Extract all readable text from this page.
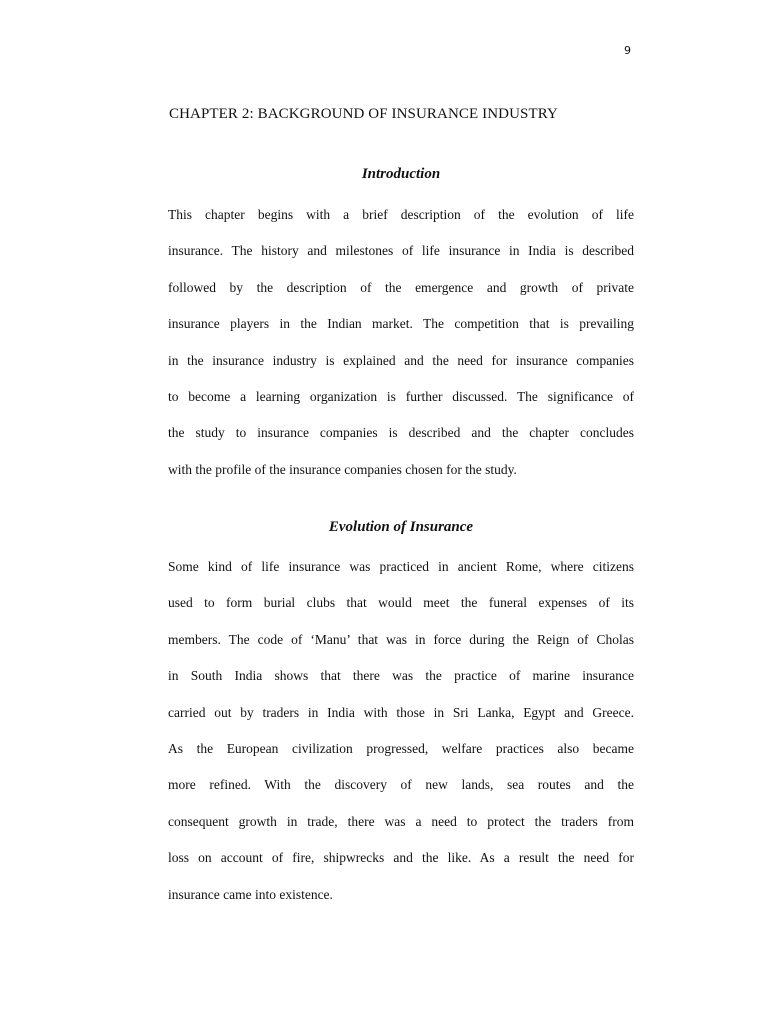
9
CHAPTER 2: BACKGROUND OF INSURANCE INDUSTRY
Introduction
This chapter begins with a brief description of the evolution of life
insurance. The history and milestones of life insurance in India is described
followed by the description of the emergence and growth of private
insurance players in the Indian market. The competition that is prevailing
in the insurance industry is explained and the need for insurance companies
to become a learning organization is further discussed. The significance of
the study to insurance companies is described and the chapter concludes
with the profile of the insurance companies chosen for the study.
Evolution of Insurance
Some kind of life insurance was practiced in ancient Rome, where citizens
used to form burial clubs that would meet the funeral expenses of its
members. The code of ‘Manu’ that was in force during the Reign of Cholas
in South India shows that there was the practice of marine insurance
carried out by traders in India with those in Sri Lanka, Egypt and Greece.
As the European civilization progressed, welfare practices also became
more refined. With the discovery of new lands, sea routes and the
consequent growth in trade, there was a need to protect the traders from
loss on account of fire, shipwrecks and the like. As a result the need for
insurance came into existence.
